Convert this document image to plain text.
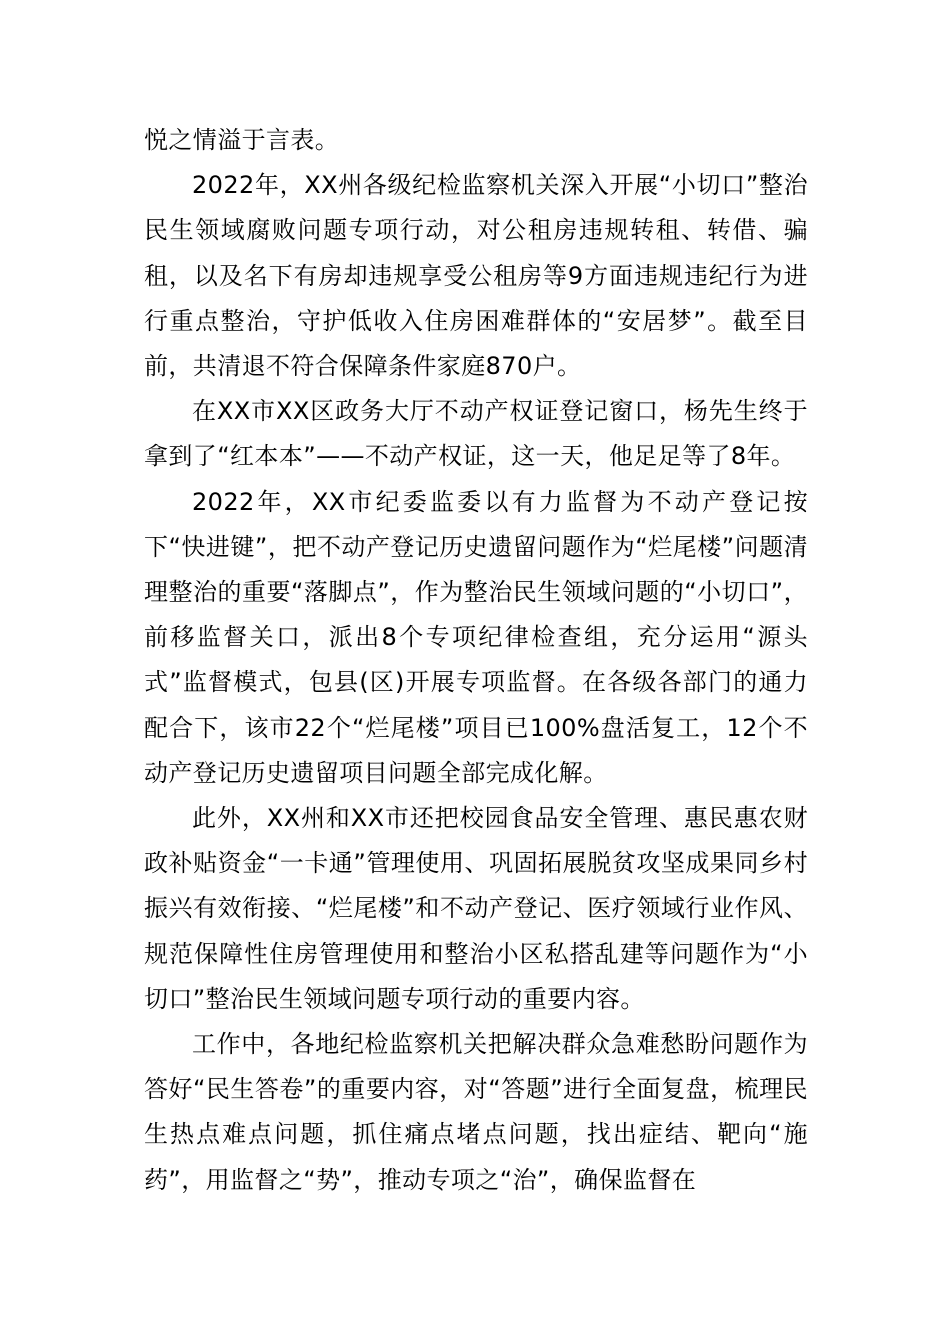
悦之情溢于言表。

2022年，XX州各级纪检监察机关深入开展“小切口”整治民生领域腐败问题专项行动，对公租房违规转租、转借、骗租，以及名下有房却违规享受公租房等9方面违规违纪行为进行重点整治，守护低收入住房困难群体的“安居梦”。截至目前，共清退不符合保障条件家庭870户。

在XX市XX区政务大厅不动产权证登记窗口，杨先生终于拿到了“红本本”——不动产权证，这一天，他足足等了8年。

2022年，XX市纪委监委以有力监督为不动产登记按下“快进键”，把不动产登记历史遗留问题作为“烂尾楼”问题清理整治的重要“落脚点”，作为整治民生领域问题的“小切口”，前移监督关口，派出8个专项纪律检查组，充分运用“源头式”监督模式，包县(区)开展专项监督。在各级各部门的通力配合下，该市22个“烂尾楼”项目已100%盘活复工，12个不动产登记历史遗留项目问题全部完成化解。

此外，XX州和XX市还把校园食品安全管理、惠民惠农财政补贴资金“一卡通”管理使用、巩固拓展脱贫攻坚成果同乡村振兴有效衔接、“烂尾楼”和不动产登记、医疗领域行业作风、规范保障性住房管理使用和整治小区私搭乱建等问题作为“小切口”整治民生领域问题专项行动的重要内容。

工作中，各地纪检监察机关把解决群众急难愁盼问题作为答好“民生答卷”的重要内容，对“答题”进行全面复盘，梳理民生热点难点问题，抓住痛点堵点问题，找出症结、靶向“施药”，用监督之“势”，推动专项之“治”，确保监督在
